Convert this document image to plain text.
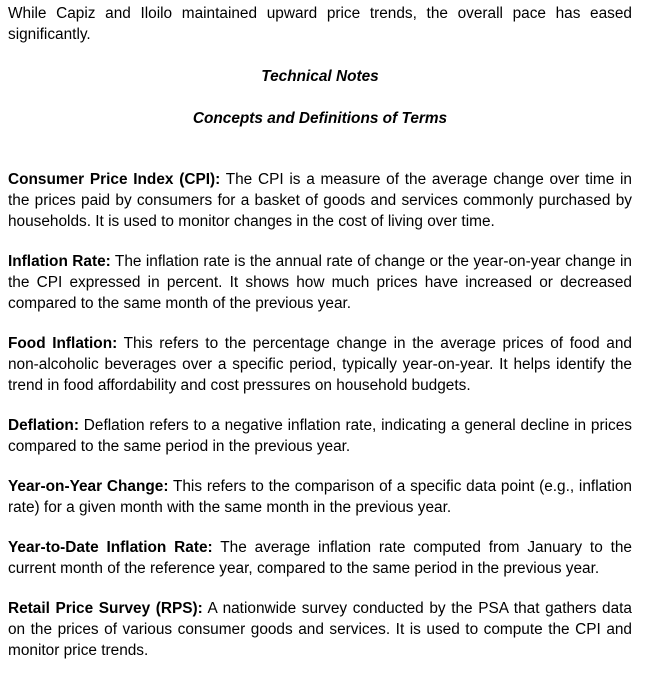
While Capiz and Iloilo maintained upward price trends, the overall pace has eased significantly.

Technical Notes

Concepts and Definitions of Terms

Consumer Price Index (CPI): The CPI is a measure of the average change over time in the prices paid by consumers for a basket of goods and services commonly purchased by households. It is used to monitor changes in the cost of living over time.

Inflation Rate: The inflation rate is the annual rate of change or the year-on-year change in the CPI expressed in percent. It shows how much prices have increased or decreased compared to the same month of the previous year.

Food Inflation: This refers to the percentage change in the average prices of food and non-alcoholic beverages over a specific period, typically year-on-year. It helps identify the trend in food affordability and cost pressures on household budgets.

Deflation: Deflation refers to a negative inflation rate, indicating a general decline in prices compared to the same period in the previous year.

Year-on-Year Change: This refers to the comparison of a specific data point (e.g., inflation rate) for a given month with the same month in the previous year.

Year-to-Date Inflation Rate: The average inflation rate computed from January to the current month of the reference year, compared to the same period in the previous year.

Retail Price Survey (RPS): A nationwide survey conducted by the PSA that gathers data on the prices of various consumer goods and services. It is used to compute the CPI and monitor price trends.
